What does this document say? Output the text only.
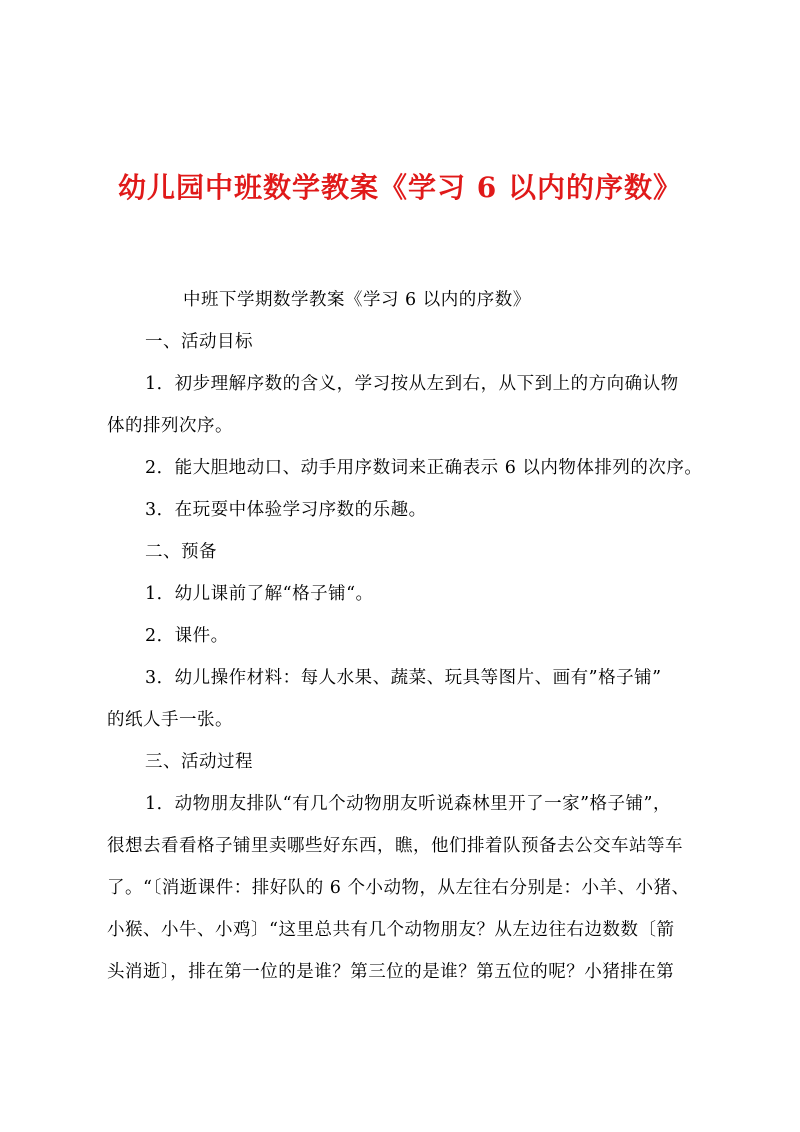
幼儿园中班数学教案《学习 6 以内的序数》
中班下学期数学教案《学习 6 以内的序数》
一、活动目标
1．初步理解序数的含义，学习按从左到右，从下到上的方向确认物
体的排列次序。
2．能大胆地动口、动手用序数词来正确表示 6 以内物体排列的次序。
3．在玩耍中体验学习序数的乐趣。
二、预备
1．幼儿课前了解“格子铺“。
2．课件。
3．幼儿操作材料：每人水果、蔬菜、玩具等图片、画有”格子铺”
的纸人手一张。
三、活动过程
1．动物朋友排队“有几个动物朋友听说森林里开了一家”格子铺”，
很想去看看格子铺里卖哪些好东西，瞧，他们排着队预备去公交车站等车
了。“〔消逝课件：排好队的 6 个小动物，从左往右分别是：小羊、小猪、
小猴、小牛、小鸡〕“这里总共有几个动物朋友？从左边往右边数数〔箭
头消逝〕，排在第一位的是谁？第三位的是谁？第五位的呢？小猪排在第
